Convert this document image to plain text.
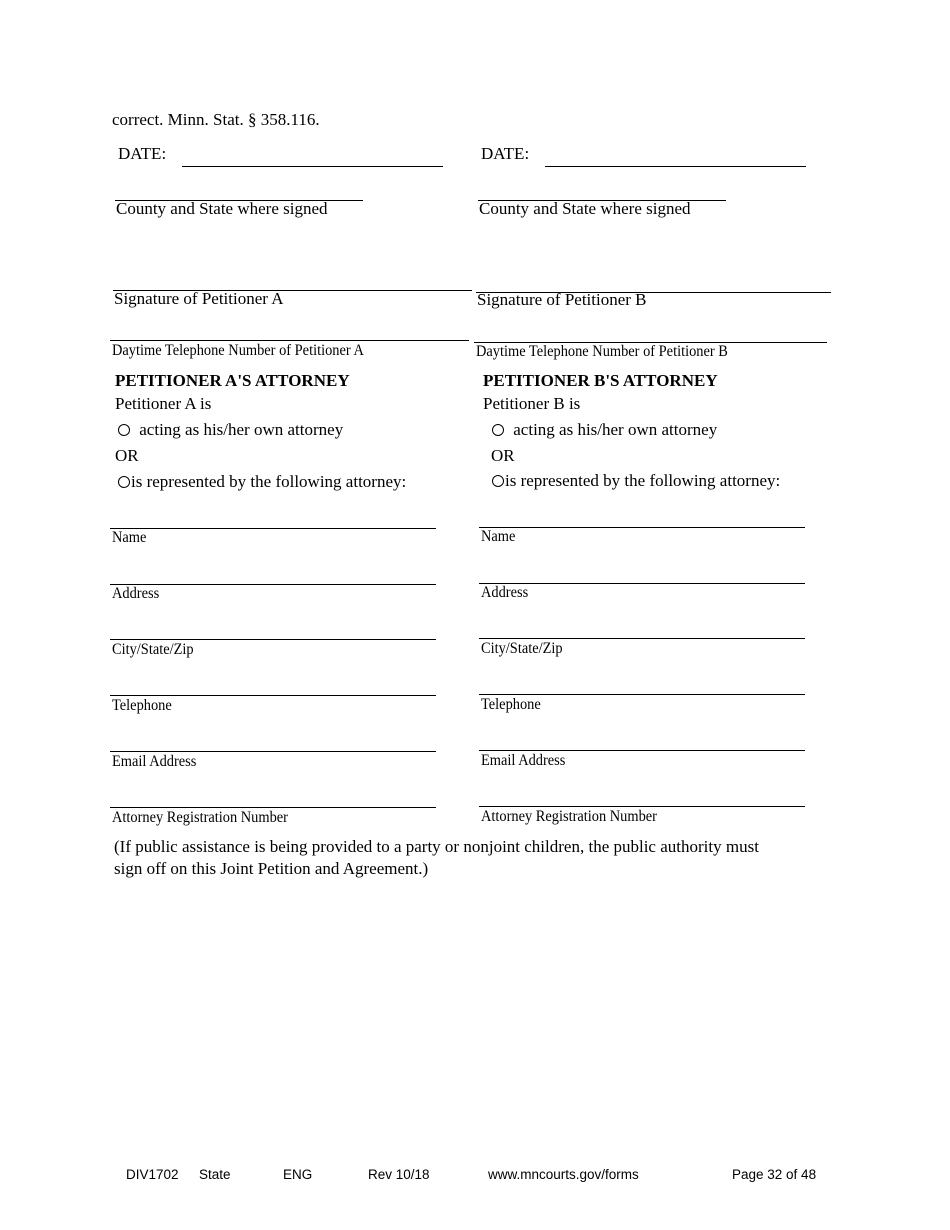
correct. Minn. Stat. § 358.116.
DATE:
County and State where signed
Signature of Petitioner A
Daytime Telephone Number of Petitioner A
PETITIONER A'S ATTORNEY
Petitioner A is
acting as his/her own attorney
OR
is represented by the following attorney:
Name
Address
City/State/Zip
Telephone
Email Address
Attorney Registration Number
DATE:
County and State where signed
Signature of Petitioner B
Daytime Telephone Number of Petitioner B
PETITIONER B'S ATTORNEY
Petitioner B is
acting as his/her own attorney
OR
is represented by the following attorney:
Name
Address
City/State/Zip
Telephone
Email Address
Attorney Registration Number
(If public assistance is being provided to a party or nonjoint children, the public authority must
sign off on this Joint Petition and Agreement.)
DIV1702 State	ENG	Rev 10/18	www.mncourts.gov/forms	Page 32 of 48
